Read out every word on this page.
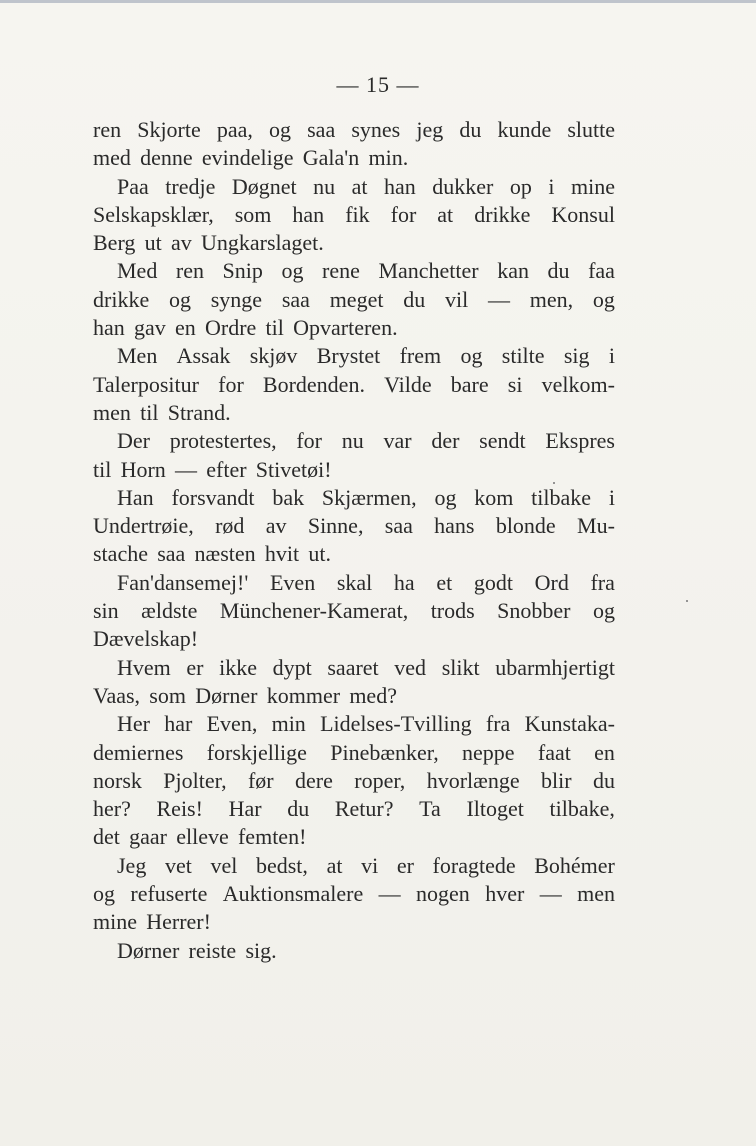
— 15 —
ren Skjorte paa, og saa synes jeg du kunde slutte
med denne evindelige Gala'n min.
Paa tredje Døgnet nu at han dukker op i mine
Selskapsklær, som han fik for at drikke Konsul
Berg ut av Ungkarslaget.
Med ren Snip og rene Manchetter kan du faa
drikke og synge saa meget du vil — men, og
han gav en Ordre til Opvarteren.
Men Assak skjøv Brystet frem og stilte sig i
Talerpositur for Bordenden. Vilde bare si velkom-
men til Strand.
Der protestertes, for nu var der sendt Ekspres
til Horn — efter Stivetøi!
Han forsvandt bak Skjærmen, og kom tilbake i
Undertrøie, rød av Sinne, saa hans blonde Mu-
stache saa næsten hvit ut.
Fan'dansemej!' Even skal ha et godt Ord fra
sin ældste Münchener-Kamerat, trods Snobber og
Dævelskap!
Hvem er ikke dypt saaret ved slikt ubarmhjertigt
Vaas, som Dørner kommer med?
Her har Even, min Lidelses-Tvilling fra Kunstaka-
demiernes forskjellige Pinebænker, neppe faat en
norsk Pjolter, før dere roper, hvorlænge blir du
her? Reis! Har du Retur? Ta Iltoget tilbake,
det gaar elleve femten!
Jeg vet vel bedst, at vi er foragtede Bohémer
og refuserte Auktionsmalere — nogen hver — men
mine Herrer!
Dørner reiste sig.
